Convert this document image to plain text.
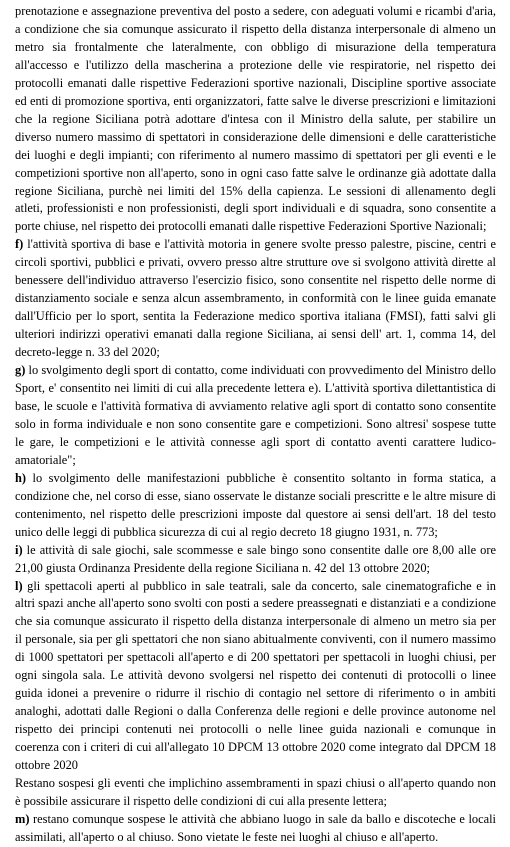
prenotazione e assegnazione preventiva del posto a sedere, con adeguati volumi e ricambi d'aria, a condizione che sia comunque assicurato il rispetto della distanza interpersonale di almeno un metro sia frontalmente che lateralmente, con obbligo di misurazione della temperatura all'accesso e l'utilizzo della mascherina a protezione delle vie respiratorie, nel rispetto dei protocolli emanati dalle rispettive Federazioni sportive nazionali, Discipline sportive associate ed enti di promozione sportiva, enti organizzatori, fatte salve le diverse prescrizioni e limitazioni che la regione Siciliana potrà adottare d'intesa con il Ministro della salute, per stabilire un diverso numero massimo di spettatori in considerazione delle dimensioni e delle caratteristiche dei luoghi e degli impianti; con riferimento al numero massimo di spettatori per gli eventi e le competizioni sportive non all'aperto, sono in ogni caso fatte salve le ordinanze già adottate dalla regione Siciliana, purchè nei limiti del 15% della capienza. Le sessioni di allenamento degli atleti, professionisti e non professionisti, degli sport individuali e di squadra, sono consentite a porte chiuse, nel rispetto dei protocolli emanati dalle rispettive Federazioni Sportive Nazionali;

f) l'attività sportiva di base e l'attività motoria in genere svolte presso palestre, piscine, centri e circoli sportivi, pubblici e privati, ovvero presso altre strutture ove si svolgono attività dirette al benessere dell'individuo attraverso l'esercizio fisico, sono consentite nel rispetto delle norme di distanziamento sociale e senza alcun assembramento, in conformità con le linee guida emanate dall'Ufficio per lo sport, sentita la Federazione medico sportiva italiana (FMSI), fatti salvi gli ulteriori indirizzi operativi emanati dalla regione Siciliana, ai sensi dell' art. 1, comma 14, del decreto-legge n. 33 del 2020;

g) lo svolgimento degli sport di contatto, come individuati con provvedimento del Ministro dello Sport, e' consentito nei limiti di cui alla precedente lettera e). L'attività sportiva dilettantistica di base, le scuole e l'attività formativa di avviamento relative agli sport di contatto sono consentite solo in forma individuale e non sono consentite gare e competizioni. Sono altresi' sospese tutte le gare, le competizioni e le attività connesse agli sport di contatto aventi carattere ludico-amatoriale";

h) lo svolgimento delle manifestazioni pubbliche è consentito soltanto in forma statica, a condizione che, nel corso di esse, siano osservate le distanze sociali prescritte e le altre misure di contenimento, nel rispetto delle prescrizioni imposte dal questore ai sensi dell'art. 18 del testo unico delle leggi di pubblica sicurezza di cui al regio decreto 18 giugno 1931, n. 773;

i) le attività di sale giochi, sale scommesse e sale bingo sono consentite dalle ore 8,00 alle ore 21,00 giusta Ordinanza Presidente della regione Siciliana n. 42 del 13 ottobre 2020;

l) gli spettacoli aperti al pubblico in sale teatrali, sale da concerto, sale cinematografiche e in altri spazi anche all'aperto sono svolti con posti a sedere preassegnati e distanziati e a condizione che sia comunque assicurato il rispetto della distanza interpersonale di almeno un metro sia per il personale, sia per gli spettatori che non siano abitualmente conviventi, con il numero massimo di 1000 spettatori per spettacoli all'aperto e di 200 spettatori per spettacoli in luoghi chiusi, per ogni singola sala. Le attività devono svolgersi nel rispetto dei contenuti di protocolli o linee guida idonei a prevenire o ridurre il rischio di contagio nel settore di riferimento o in ambiti analoghi, adottati dalle Regioni o dalla Conferenza delle regioni e delle province autonome nel rispetto dei principi contenuti nei protocolli o nelle linee guida nazionali e comunque in coerenza con i criteri di cui all'allegato 10 DPCM 13 ottobre 2020 come integrato dal DPCM 18 ottobre 2020

Restano sospesi gli eventi che implichino assembramenti in spazi chiusi o all'aperto quando non è possibile assicurare il rispetto delle condizioni di cui alla presente lettera;

m) restano comunque sospese le attività che abbiano luogo in sale da ballo e discoteche e locali assimilati, all'aperto o al chiuso. Sono vietate le feste nei luoghi al chiuso e all'aperto.
